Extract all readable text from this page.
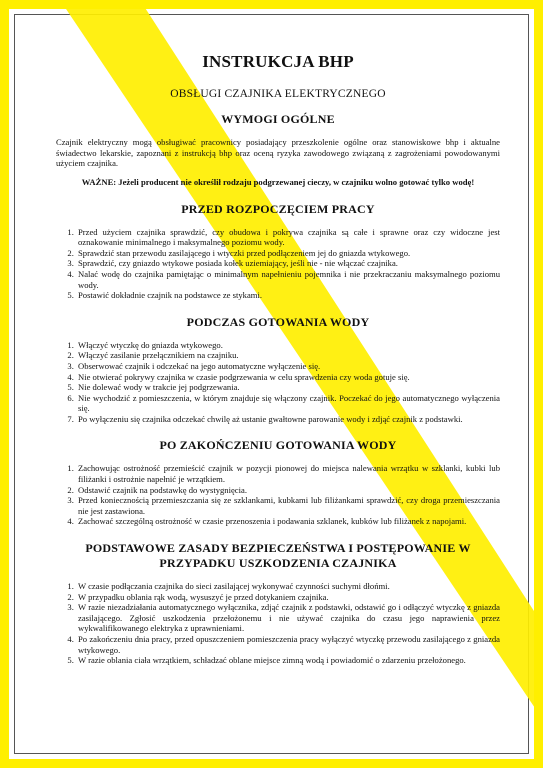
INSTRUKCJA BHP
OBSŁUGI CZAJNIKA ELEKTRYCZNEGO
WYMOGI OGÓLNE
Czajnik elektryczny mogą obsługiwać pracownicy posiadający przeszkolenie ogólne oraz stanowiskowe bhp i aktualne świadectwo lekarskie, zapoznani z instrukcją bhp oraz oceną ryzyka zawodowego związaną z zagrożeniami powodowanymi użyciem czajnika.
WAŻNE: Jeżeli producent nie określił rodzaju podgrzewanej cieczy, w czajniku wolno gotować tylko wodę!
PRZED ROZPOCZĘCIEM PRACY
1. Przed użyciem czajnika sprawdzić, czy obudowa i pokrywa czajnika są całe i sprawne oraz czy widoczne jest oznakowanie minimalnego i maksymalnego poziomu wody.
2. Sprawdzić stan przewodu zasilającego i wtyczki przed podłączeniem jej do gniazda wtykowego.
3. Sprawdzić, czy gniazdo wtykowe posiada kołek uziemiający, jeśli nie - nie włączać czajnika.
4. Nalać wodę do czajnika pamiętając o minimalnym napełnieniu pojemnika i nie przekraczaniu maksymalnego poziomu wody.
5. Postawić dokładnie czajnik na podstawce ze stykami.
PODCZAS GOTOWANIA WODY
1. Włączyć wtyczkę do gniazda wtykowego.
2. Włączyć zasilanie przełącznikiem na czajniku.
3. Obserwować czajnik i odczekać na jego automatyczne wyłączenie się.
4. Nie otwierać pokrywy czajnika w czasie podgrzewania w celu sprawdzenia czy woda gotuje się.
5. Nie dolewać wody w trakcie jej podgrzewania.
6. Nie wychodzić z pomieszczenia, w którym znajduje się włączony czajnik. Poczekać do jego automatycznego wyłączenia się.
7. Po wyłączeniu się czajnika odczekać chwilę aż ustanie gwałtowne parowanie wody i zdjąć czajnik z podstawki.
PO ZAKOŃCZENIU GOTOWANIA WODY
1. Zachowując ostrożność przemieścić czajnik w pozycji pionowej do miejsca nalewania wrzątku w szklanki, kubki lub filiżanki i ostrożnie napełnić je wrzątkiem.
2. Odstawić czajnik na podstawkę do wystygnięcia.
3. Przed koniecznością przemieszczania się ze szklankami, kubkami lub filiżankami sprawdzić, czy droga przemieszczania nie jest zastawiona.
4. Zachować szczególną ostrożność w czasie przenoszenia i podawania szklanek, kubków lub filiżanek z napojami.
PODSTAWOWE ZASADY BEZPIECZEŃSTWA I POSTĘPOWANIE W PRZYPADKU USZKODZENIA CZAJNIKA
1. W czasie podłączania czajnika do sieci zasilającej wykonywać czynności suchymi dłońmi.
2. W przypadku oblania rąk wodą, wysuszyć je przed dotykaniem czajnika.
3. W razie niezadziałania automatycznego wyłącznika, zdjąć czajnik z podstawki, odstawić go i odłączyć wtyczkę z gniazda zasilającego. Zgłosić uszkodzenia przełożonemu i nie używać czajnika do czasu jego naprawienia przez wykwalifikowanego elektryka z uprawnieniami.
4. Po zakończeniu dnia pracy, przed opuszczeniem pomieszczenia pracy wyłączyć wtyczkę przewodu zasilającego z gniazda wtykowego.
5. W razie oblania ciała wrzątkiem, schładzać oblane miejsce zimną wodą i powiadomić o zdarzeniu przełożonego.
